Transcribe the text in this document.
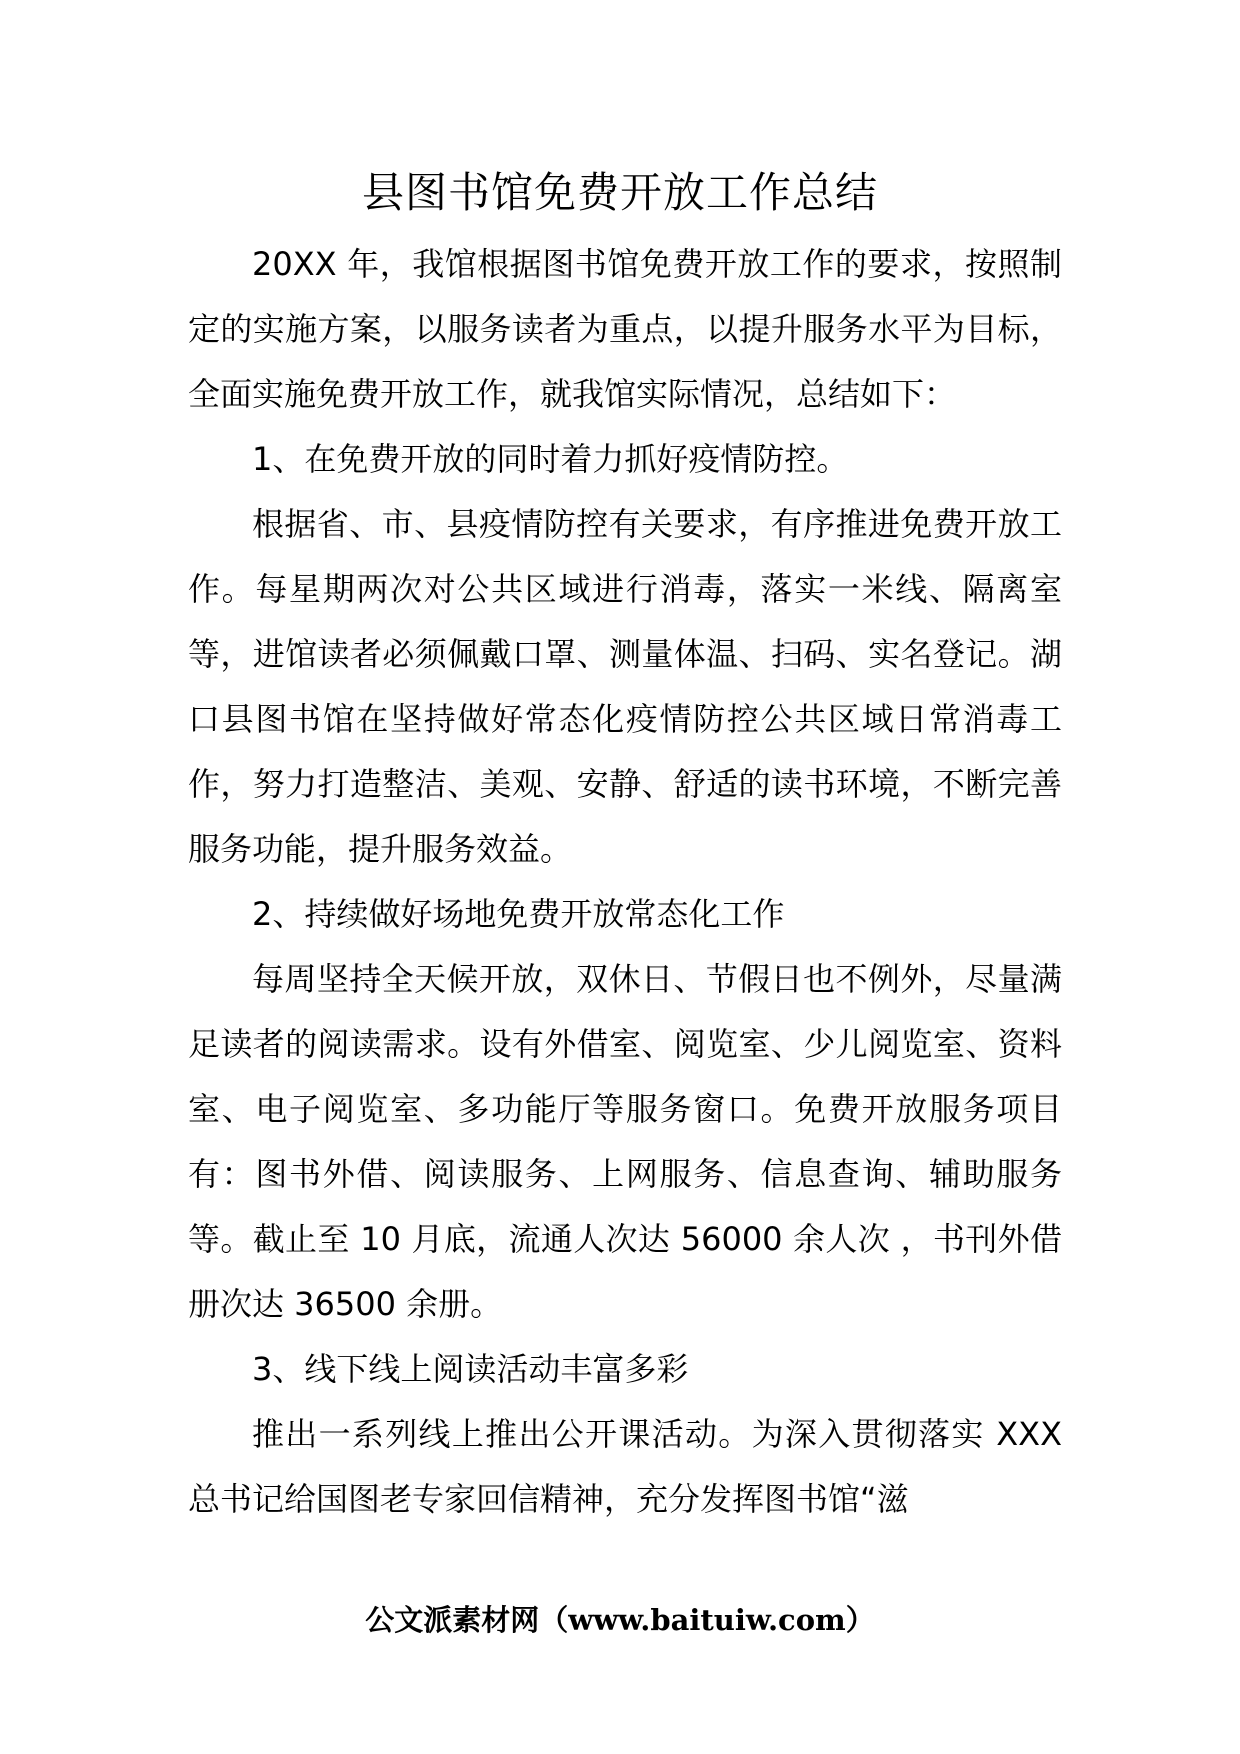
县图书馆免费开放工作总结

20XX 年，我馆根据图书馆免费开放工作的要求，按照制定的实施方案，以服务读者为重点，以提升服务水平为目标，全面实施免费开放工作，就我馆实际情况，总结如下：

1、在免费开放的同时着力抓好疫情防控。

根据省、市、县疫情防控有关要求，有序推进免费开放工作。每星期两次对公共区域进行消毒，落实一米线、隔离室等，进馆读者必须佩戴口罩、测量体温、扫码、实名登记。湖口县图书馆在坚持做好常态化疫情防控公共区域日常消毒工作，努力打造整洁、美观、安静、舒适的读书环境，不断完善服务功能，提升服务效益。

2、持续做好场地免费开放常态化工作

每周坚持全天候开放，双休日、节假日也不例外，尽量满足读者的阅读需求。设有外借室、阅览室、少儿阅览室、资料室、电子阅览室、多功能厅等服务窗口。免费开放服务项目有：图书外借、阅读服务、上网服务、信息查询、辅助服务等。截止至 10 月底，流通人次达 56000 余人次 ，书刊外借册次达 36500 余册。

3、线下线上阅读活动丰富多彩

推出一系列线上推出公开课活动。为深入贯彻落实 XXX 总书记给国图老专家回信精神，充分发挥图书馆“滋

公文派素材网（www.baituiw.com）
